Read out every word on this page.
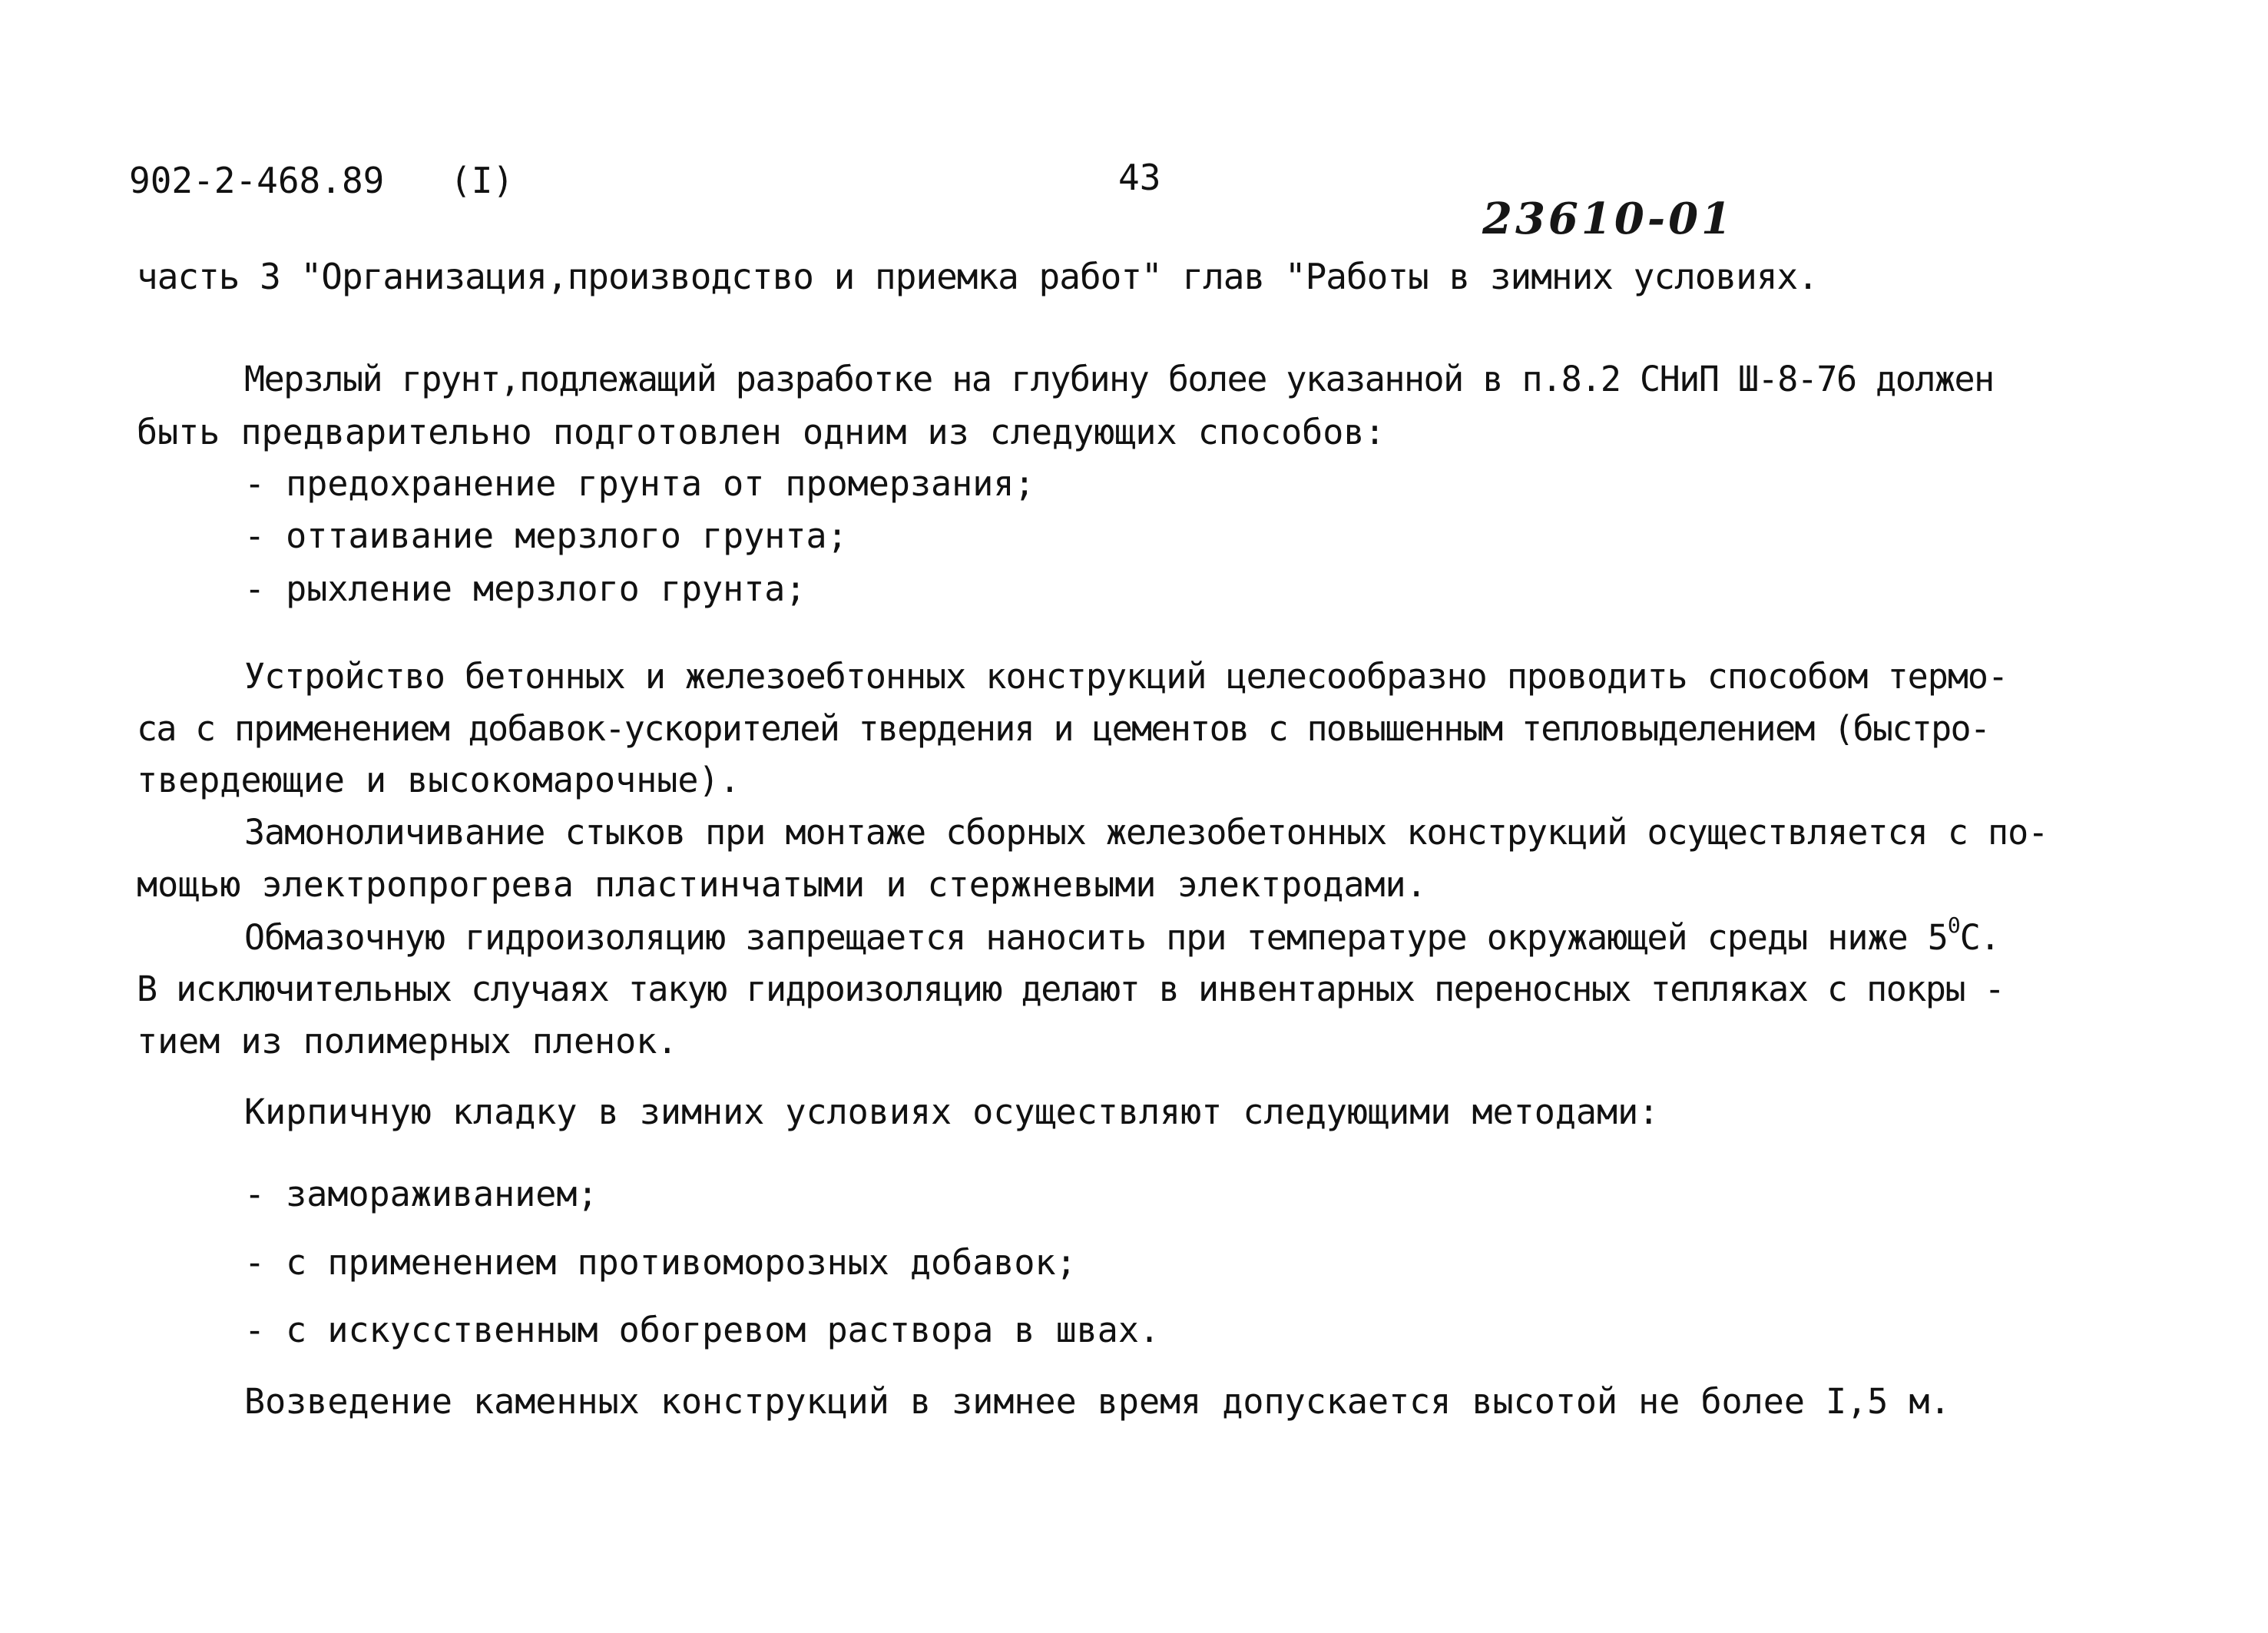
902-2-468.89 (I)	43
23610-01
часть 3 "Организация,производство и приемка работ" глав "Работы в зимних условиях.
Мерзлый грунт,подлежащий разработке на глубину более указанной в п.8.2 СНиП Ш-8-76 должен
быть предварительно подготовлен одним из следующих способов:
- предохранение грунта от промерзания;
- оттаивание мерзлого грунта;
- рыхление мерзлого грунта;
Устройство бетонных и железоебтонных конструкций целесообразно проводить способом термо-
са с применением добавок-ускорителей твердения и цементов с повышенным тепловыделением (быстро-
твердеющие и высокомарочные).
Замоноличивание стыков при монтаже сборных железобетонных конструкций осуществляется с по-
мощью электропрогрева пластинчатыми и стержневыми электродами.
Обмазочную гидроизоляцию запрещается наносить при температуре окружающей среды ниже $5^0С$.
В исключительных случаях такую гидроизоляцию делают в инвентарных переносных тепляках с покры -
тием из полимерных пленок.
Кирпичную кладку в зимних условиях осуществляют следующими методами:
- замораживанием;
- с применением противоморозных добавок;
- с искусственным обогревом раствора в швах.
Возведение каменных конструкций в зимнее время допускается высотой не более I,5 м.
